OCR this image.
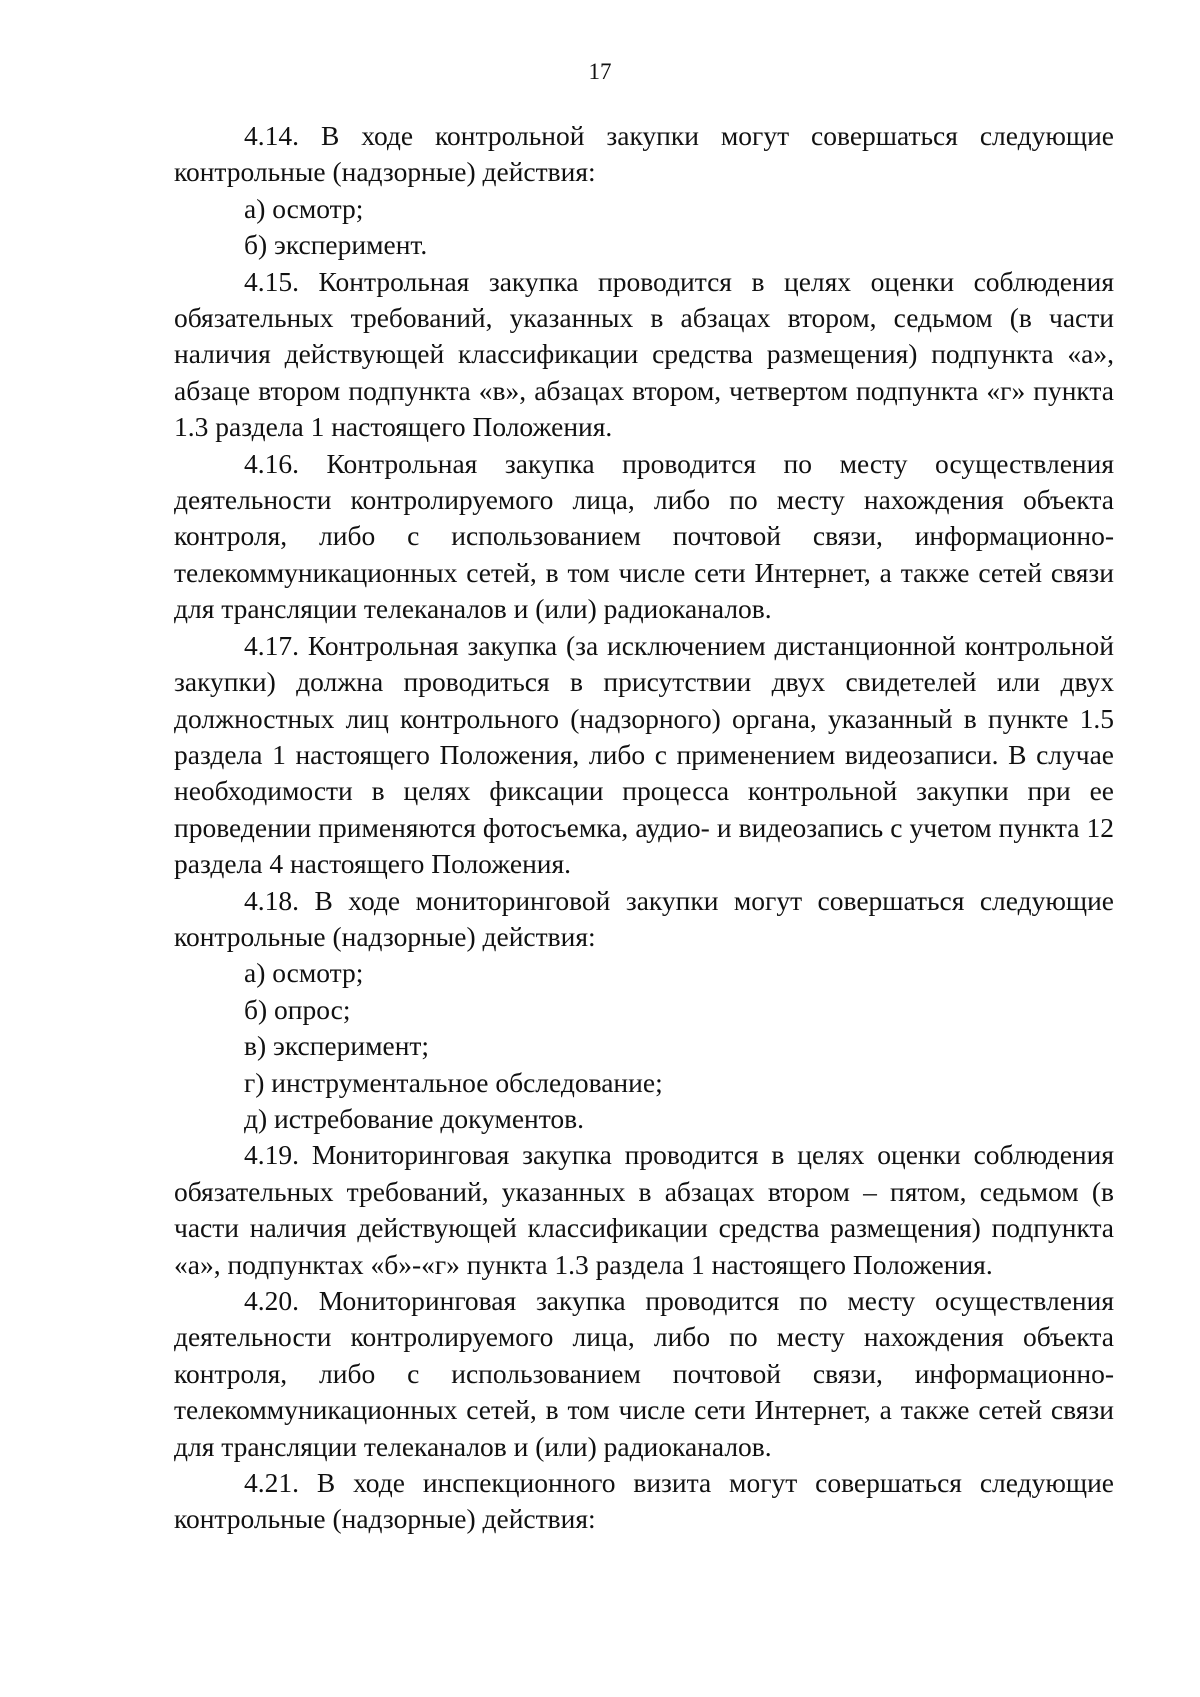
17

4.14. В ходе контрольной закупки могут совершаться следующие контрольные (надзорные) действия:

а) осмотр;

б) эксперимент.

4.15. Контрольная закупка проводится в целях оценки соблюдения обязательных требований, указанных в абзацах втором, седьмом (в части наличия действующей классификации средства размещения) подпункта «а», абзаце втором подпункта «в», абзацах втором, четвертом подпункта «г» пункта 1.3 раздела 1 настоящего Положения.

4.16. Контрольная закупка проводится по месту осуществления деятельности контролируемого лица, либо по месту нахождения объекта контроля, либо с использованием почтовой связи, информационно-телекоммуникационных сетей, в том числе сети Интернет, а также сетей связи для трансляции телеканалов и (или) радиоканалов.

4.17. Контрольная закупка (за исключением дистанционной контрольной закупки) должна проводиться в присутствии двух свидетелей или двух должностных лиц контрольного (надзорного) органа, указанный в пункте 1.5 раздела 1 настоящего Положения, либо с применением видеозаписи. В случае необходимости в целях фиксации процесса контрольной закупки при ее проведении применяются фотосъемка, аудио- и видеозапись с учетом пункта 12 раздела 4 настоящего Положения.

4.18. В ходе мониторинговой закупки могут совершаться следующие контрольные (надзорные) действия:

а) осмотр;

б) опрос;

в) эксперимент;

г) инструментальное обследование;

д) истребование документов.

4.19. Мониторинговая закупка проводится в целях оценки соблюдения обязательных требований, указанных в абзацах втором – пятом, седьмом (в части наличия действующей классификации средства размещения) подпункта «а», подпунктах «б»-«г» пункта 1.3 раздела 1 настоящего Положения.

4.20. Мониторинговая закупка проводится по месту осуществления деятельности контролируемого лица, либо по месту нахождения объекта контроля, либо с использованием почтовой связи, информационно-телекоммуникационных сетей, в том числе сети Интернет, а также сетей связи для трансляции телеканалов и (или) радиоканалов.

4.21. В ходе инспекционного визита могут совершаться следующие контрольные (надзорные) действия:
